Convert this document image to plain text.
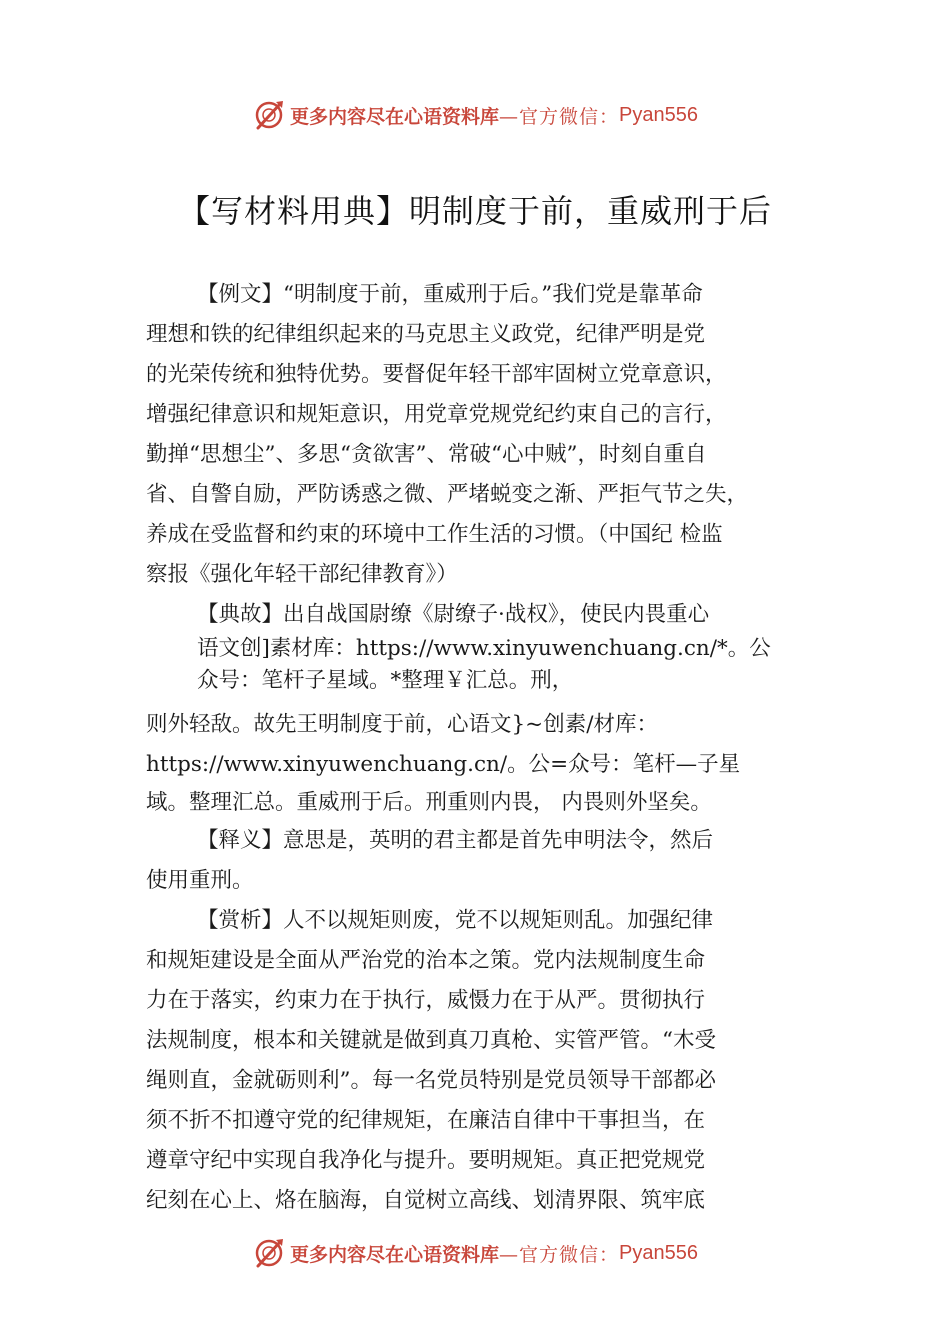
更多内容尽在心语资料库 —官方微信： Pyan556
【写材料用典】明制度于前，重威刑于后
【例文】“明制度于前，重威刑于后。”我们党是靠革命
理想和铁的纪律组织起来的马克思主义政党，纪律严明是党
的光荣传统和独特优势。要督促年轻干部牢固树立党章意识，
增强纪律意识和规矩意识，用党章党规党纪约束自己的言行，
勤掸“思想尘”、多思“贪欲害”、常破“心中贼”，时刻自重自
省、自警自励，严防诱惑之微、严堵蜕变之渐、严拒气节之失，
养成在受监督和约束的环境中工作生活的习惯。（中国纪 检监
察报《强化年轻干部纪律教育》）
【典故】出自战国尉缭《尉缭子·战权》，使民内畏重心
语文创]素材库：https://www.xinyuwenchuang.cn/*。公
众号：笔杆子星域。*整理￥汇总。刑，
则外轻敌。故先王明制度于前，心语文}~创素/材库：
https://www.xinyuwenchuang.cn/。公=众号：笔杆—子星
域。整理汇总。重威刑于后。刑重则内畏， 内畏则外坚矣。
【释义】意思是，英明的君主都是首先申明法令，然后
使用重刑。
【赏析】人不以规矩则废，党不以规矩则乱。加强纪律
和规矩建设是全面从严治党的治本之策。党内法规制度生命
力在于落实，约束力在于执行，威慑力在于从严。贯彻执行
法规制度，根本和关键就是做到真刀真枪、实管严管。“木受
绳则直，金就砺则利”。每一名党员特别是党员领导干部都必
须不折不扣遵守党的纪律规矩，在廉洁自律中干事担当，在
遵章守纪中实现自我净化与提升。要明规矩。真正把党规党
纪刻在心上、烙在脑海，自觉树立高线、划清界限、筑牢底
更多内容尽在心语资料库 —官方微信： Pyan556
